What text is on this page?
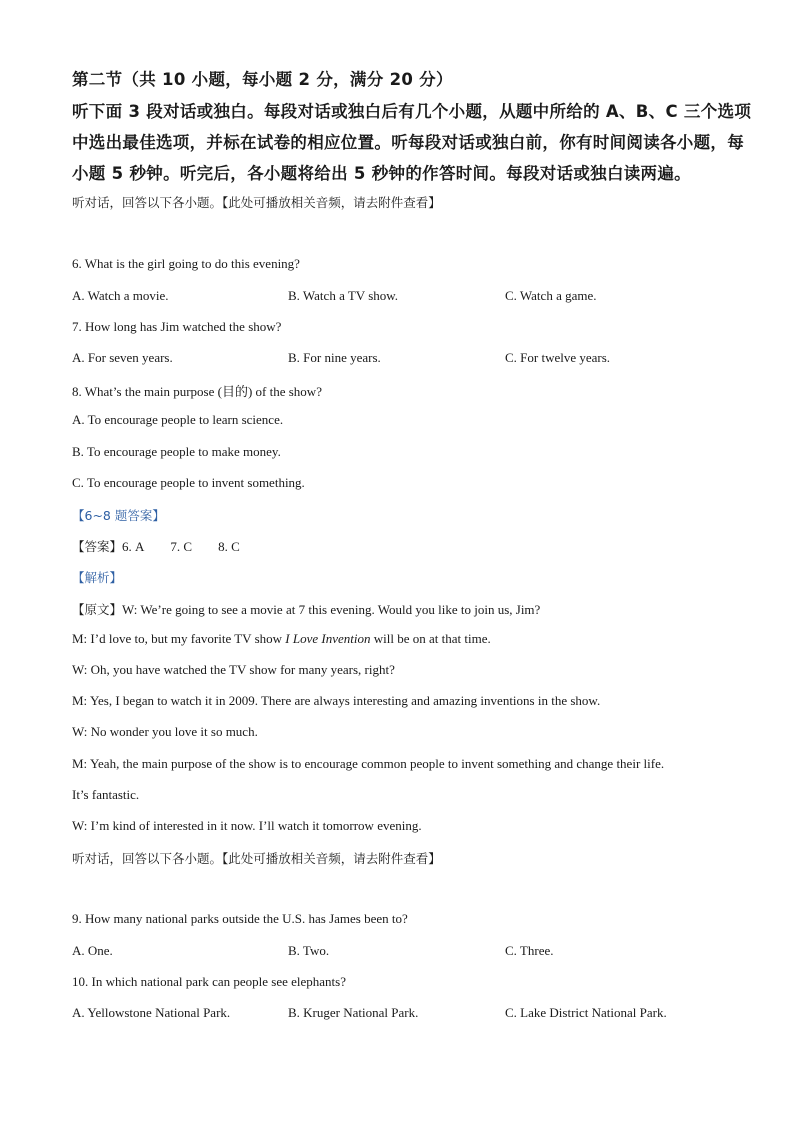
第二节（共 10 小题，每小题 2 分，满分 20 分）
听下面 3 段对话或独白。每段对话或独白后有几个小题，从题中所给的 A、B、C 三个选项
中选出最佳选项，并标在试卷的相应位置。听每段对话或独白前，你有时间阅读各小题，每
小题 5 秒钟。听完后，各小题将给出 5 秒钟的作答时间。每段对话或独白读两遍。
听对话，回答以下各小题。【此处可播放相关音频，请去附件查看】
6. What is the girl going to do this evening?
A. Watch a movie.	B. Watch a TV show.	C. Watch a game.
7. How long has Jim watched the show?
A. For seven years.	B. For nine years.	C. For twelve years.
8. What’s the main purpose (目的) of the show?
A. To encourage people to learn science.
B. To encourage people to make money.
C. To encourage people to invent something.
【6~8 题答案】
【答案】6. A 7. C 8. C
【解析】
【原文】W: We’re going to see a movie at 7 this evening. Would you like to join us, Jim?
M: I’d love to, but my favorite TV show I Love Invention will be on at that time.
W: Oh, you have watched the TV show for many years, right?
M: Yes, I began to watch it in 2009. There are always interesting and amazing inventions in the show.
W: No wonder you love it so much.
M: Yeah, the main purpose of the show is to encourage common people to invent something and change their life.
It’s fantastic.
W: I’m kind of interested in it now. I’ll watch it tomorrow evening.
听对话，回答以下各小题。【此处可播放相关音频，请去附件查看】
9. How many national parks outside the U.S. has James been to?
A. One.	B. Two.	C. Three.
10. In which national park can people see elephants?
A. Yellowstone National Park.	B. Kruger National Park.	C. Lake District National Park.
